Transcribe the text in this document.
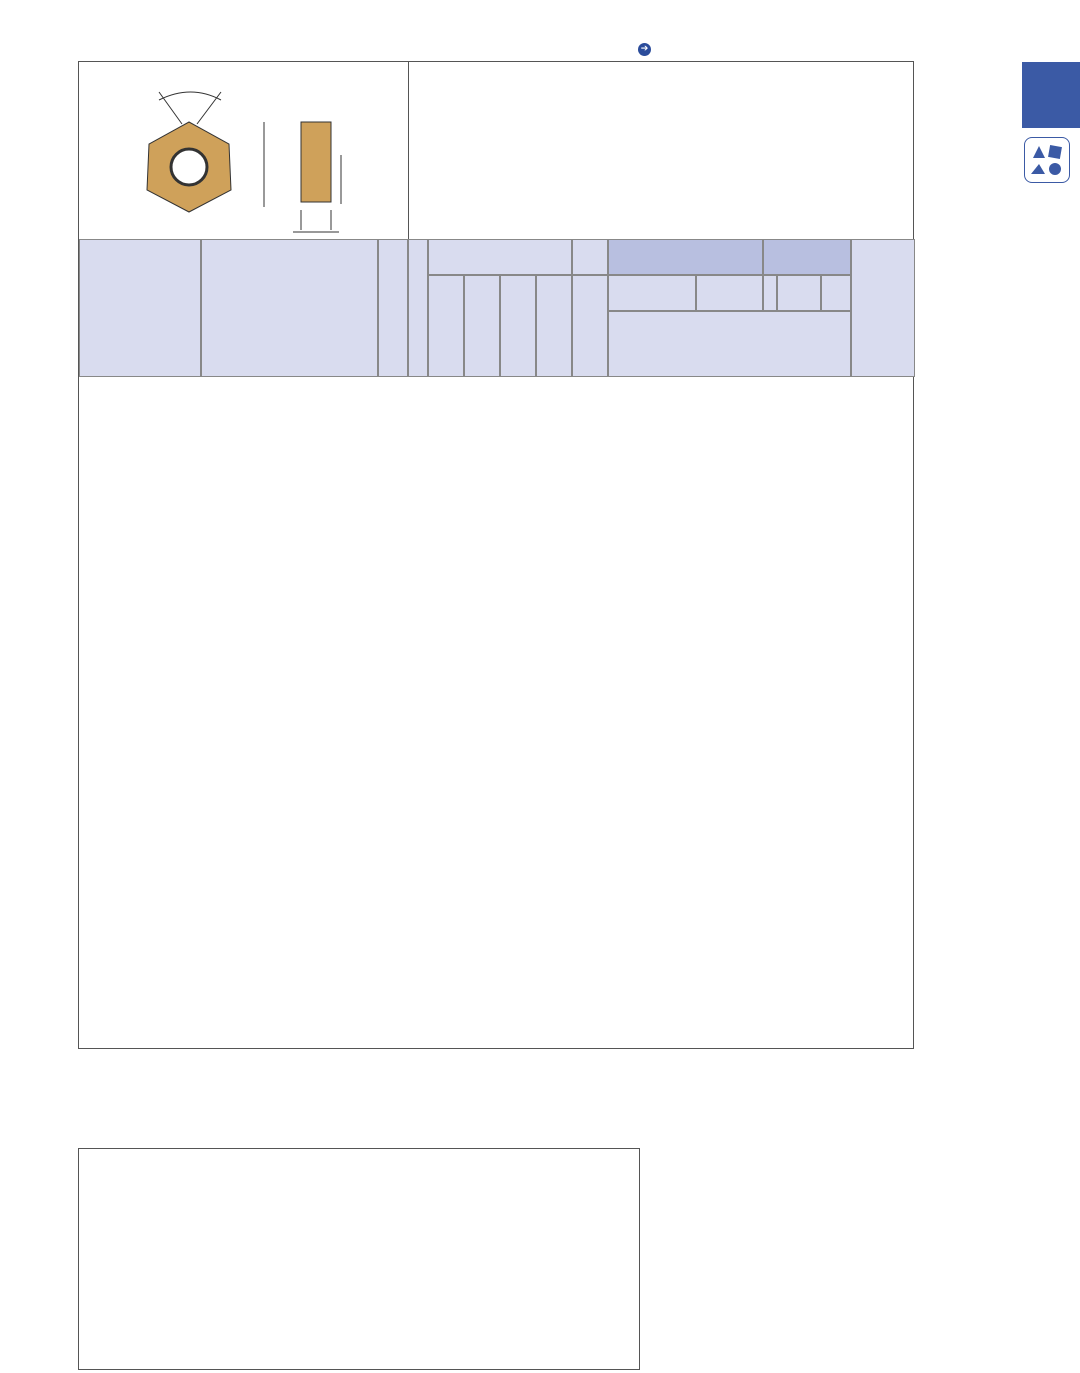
➔
